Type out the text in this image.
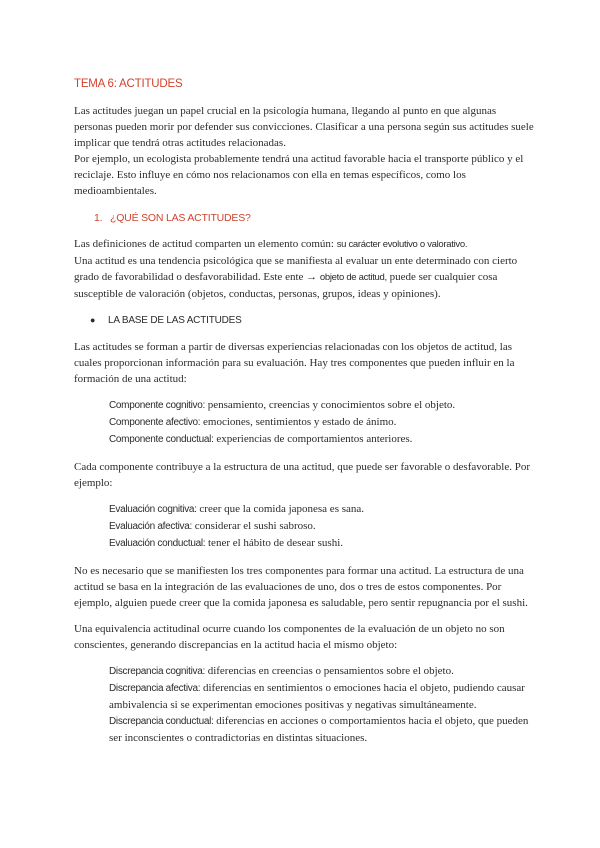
TEMA 6: ACTITUDES

Las actitudes juegan un papel crucial en la psicología humana, llegando al punto en que algunas personas pueden morir por defender sus convicciones. Clasificar a una persona según sus actitudes suele implicar que tendrá otras actitudes relacionadas.

Por ejemplo, un ecologista probablemente tendrá una actitud favorable hacia el transporte público y el reciclaje. Esto influye en cómo nos relacionamos con ella en temas específicos, como los medioambientales.

1. ¿QUÉ SON LAS ACTITUDES?

Las definiciones de actitud comparten un elemento común: su carácter evolutivo o valorativo.

Una actitud es una tendencia psicológica que se manifiesta al evaluar un ente determinado con cierto grado de favorabilidad o desfavorabilidad. Este ente → objeto de actitud, puede ser cualquier cosa susceptible de valoración (objetos, conductas, personas, grupos, ideas y opiniones).

● LA BASE DE LAS ACTITUDES

Las actitudes se forman a partir de diversas experiencias relacionadas con los objetos de actitud, las cuales proporcionan información para su evaluación. Hay tres componentes que pueden influir en la formación de una actitud:

Componente cognitivo: pensamiento, creencias y conocimientos sobre el objeto.

Componente afectivo: emociones, sentimientos y estado de ánimo.

Componente conductual: experiencias de comportamientos anteriores.

Cada componente contribuye a la estructura de una actitud, que puede ser favorable o desfavorable. Por ejemplo:

Evaluación cognitiva: creer que la comida japonesa es sana.

Evaluación afectiva: considerar el sushi sabroso.

Evaluación conductual: tener el hábito de desear sushi.

No es necesario que se manifiesten los tres componentes para formar una actitud. La estructura de una actitud se basa en la integración de las evaluaciones de uno, dos o tres de estos componentes. Por ejemplo, alguien puede creer que la comida japonesa es saludable, pero sentir repugnancia por el sushi.

Una equivalencia actitudinal ocurre cuando los componentes de la evaluación de un objeto no son conscientes, generando discrepancias en la actitud hacia el mismo objeto:

Discrepancia cognitiva: diferencias en creencias o pensamientos sobre el objeto.

Discrepancia afectiva: diferencias en sentimientos o emociones hacia el objeto, pudiendo causar ambivalencia si se experimentan emociones positivas y negativas simultáneamente.

Discrepancia conductual: diferencias en acciones o comportamientos hacia el objeto, que pueden ser inconscientes o contradictorias en distintas situaciones.
